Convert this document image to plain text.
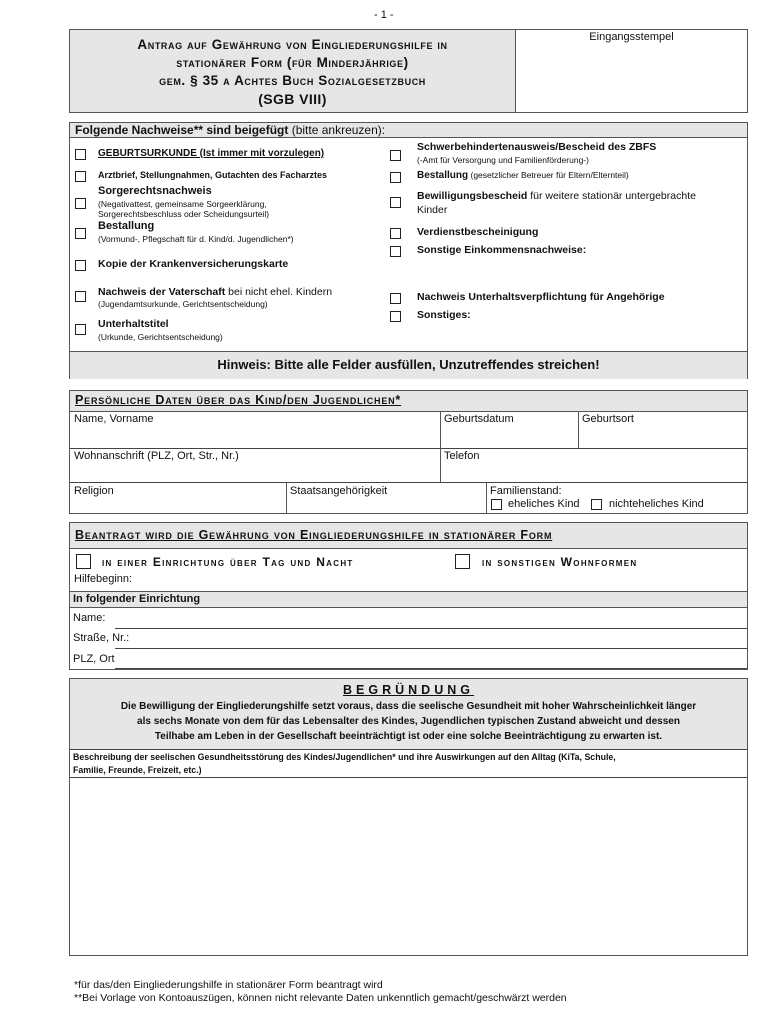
- 1 -
Antrag auf Gewährung von Eingliederungshilfe in
stationärer Form (für Minderjährige)
gem. § 35 a Achtes Buch Sozialgesetzbuch
(SGB VIII)
Eingangsstempel
Folgende Nachweise** sind beigefügt (bitte ankreuzen):
GEBURTSURKUNDE (Ist immer mit vorzulegen)
Arztbrief, Stellungnahmen, Gutachten des Facharztes
Sorgerechtsnachweis
(Negativattest, gemeinsame Sorgeerklärung,
Sorgerechtsbeschluss oder Scheidungsurteil)
Bestallung
(Vormund-, Pflegschaft für d. Kind/d. Jugendlichen*)
Kopie der Krankenversicherungskarte
Nachweis der Vaterschaft bei nicht ehel. Kindern
(Jugendamtsurkunde, Gerichtsentscheidung)
Unterhaltstitel
(Urkunde, Gerichtsentscheidung)
Schwerbehindertenausweis/Bescheid des ZBFS
(-Amt für Versorgung und Familienförderung-)
Bestallung (gesetzlicher Betreuer für Eltern/Elternteil)
Bewilligungsbescheid für weitere stationär untergebrachte
Kinder
Verdienstbescheinigung
Sonstige Einkommensnachweise:
Nachweis Unterhaltsverpflichtung für Angehörige
Sonstiges:
Hinweis: Bitte alle Felder ausfüllen, Unzutreffendes streichen!
Persönliche Daten über das Kind/den Jugendlichen*
Name, Vorname	Geburtsdatum	Geburtsort
Wohnanschrift (PLZ, Ort, Str., Nr.)	Telefon
Religion	Staatsangehörigkeit	Familienstand:
eheliches Kind	nichteheliches Kind
Beantragt wird die Gewährung von Eingliederungshilfe in stationärer Form
in einer Einrichtung über Tag und Nacht	in sonstigen Wohnformen
Hilfebeginn:
In folgender Einrichtung
Name:
Straße, Nr.:
PLZ, Ort
BEGRÜNDUNG
Die Bewilligung der Eingliederungshilfe setzt voraus, dass die seelische Gesundheit mit hoher Wahrscheinlichkeit länger
als sechs Monate von dem für das Lebensalter des Kindes, Jugendlichen typischen Zustand abweicht und dessen
Teilhabe am Leben in der Gesellschaft beeinträchtigt ist oder eine solche Beeinträchtigung zu erwarten ist.
Beschreibung der seelischen Gesundheitsstörung des Kindes/Jugendlichen* und ihre Auswirkungen auf den Alltag (KiTa, Schule,
Familie, Freunde, Freizeit, etc.)
*für das/den Eingliederungshilfe in stationärer Form beantragt wird
**Bei Vorlage von Kontoauszügen, können nicht relevante Daten unkenntlich gemacht/geschwärzt werden
